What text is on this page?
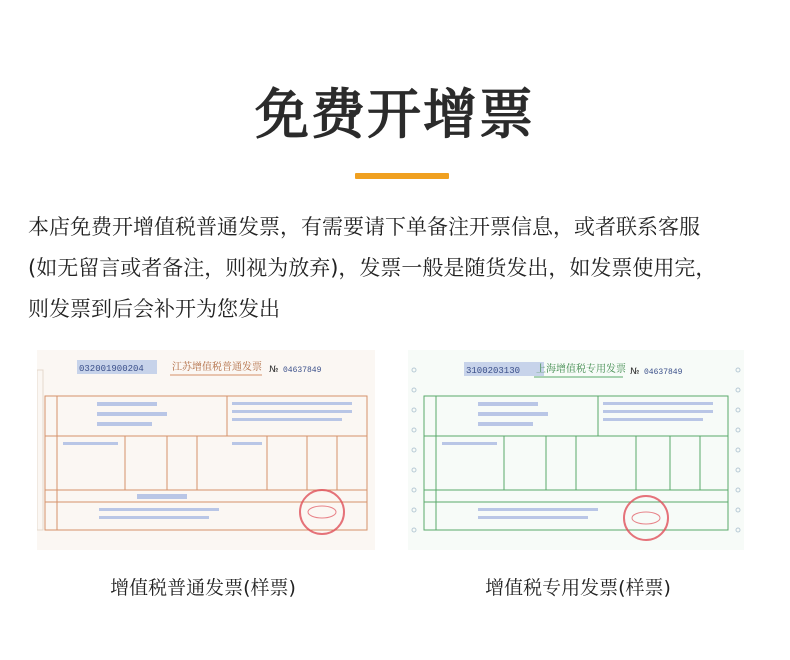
免费开增票
本店免费开增值税普通发票，有需要请下单备注开票信息，或者联系客服
(如无留言或者备注，则视为放弃)，发票一般是随货发出，如发票使用完，
则发票到后会补开为您发出
032001900204	江苏增值税普通发票 № 04637849	3100203130 上海增值税专用发票 № 04637849
增值税普通发票(样票)	增值税专用发票(样票)
